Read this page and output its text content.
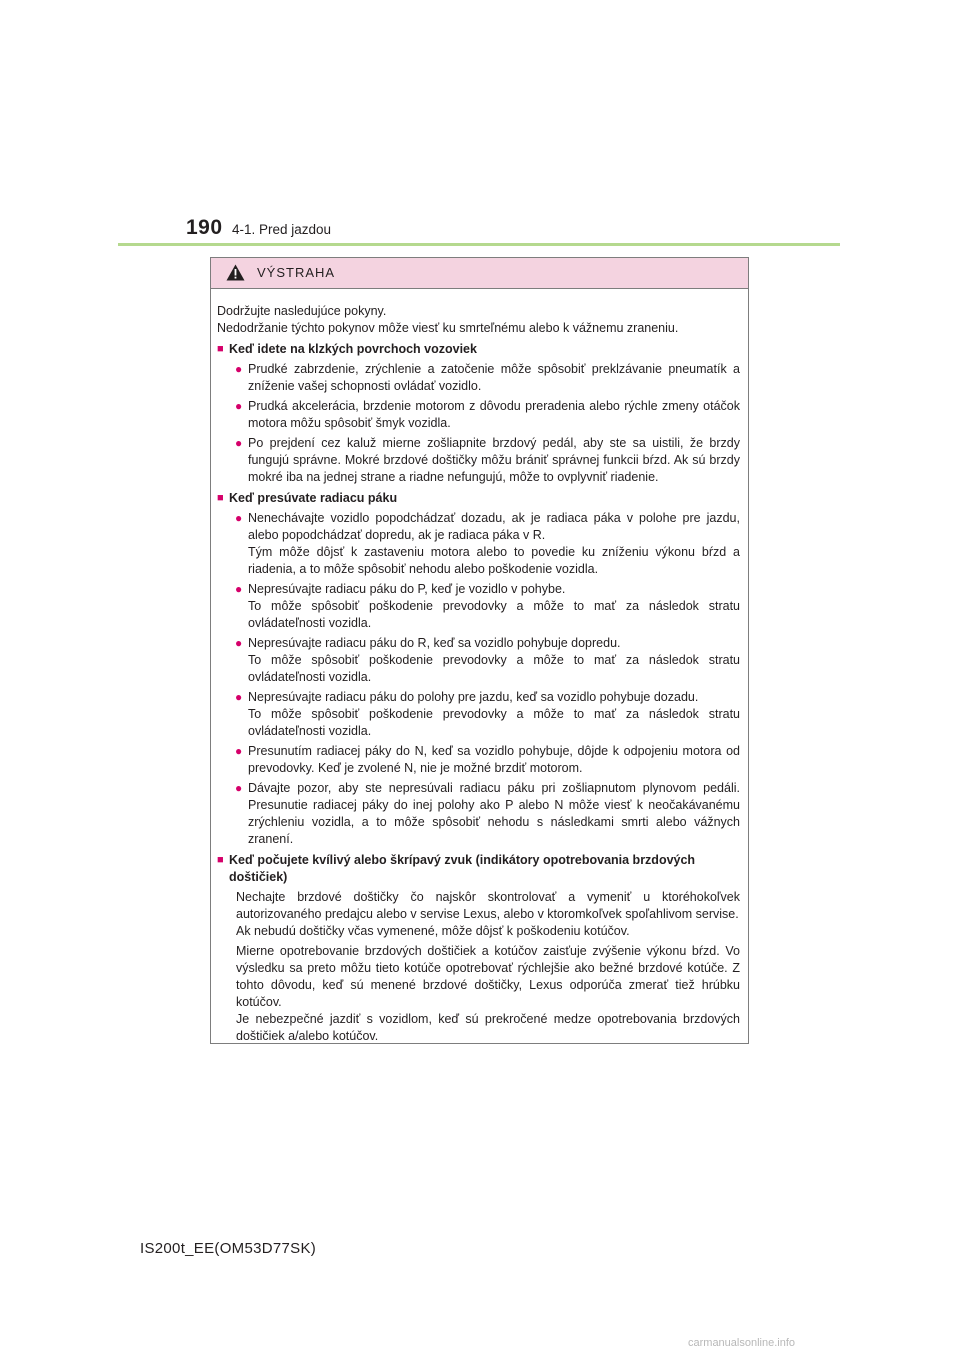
190 4-1. Pred jazdou
VÝSTRAHA

Dodržujte nasledujúce pokyny.
Nedodržanie týchto pokynov môže viesť ku smrteľnému alebo k vážnemu zraneniu.

■ Keď idete na klzkých povrchoch vozoviek
● Prudké zabrzdenie, zrýchlenie a zatočenie môže spôsobiť preklzávanie pneumatík a zníženie vašej schopnosti ovládať vozidlo.
● Prudká akcelerácia, brzdenie motorom z dôvodu preradenia alebo rýchle zmeny otáčok motora môžu spôsobiť šmyk vozidla.
● Po prejdení cez kaluž mierne zošliapnite brzdový pedál, aby ste sa uistili, že brzdy fungujú správne. Mokré brzdové doštičky môžu brániť správnej funkcii bŕzd. Ak sú brzdy mokré iba na jednej strane a riadne nefungujú, môže to ovplyvniť riadenie.
■ Keď presúvate radiacu páku
● Nenechávajte vozidlo popodchádzať dozadu, ak je radiaca páka v polohe pre jazdu, alebo popodchádzať dopredu, ak je radiaca páka v R.
Tým môže dôjsť k zastaveniu motora alebo to povedie ku zníženiu výkonu bŕzd a riadenia, a to môže spôsobiť nehodu alebo poškodenie vozidla.
● Nepresúvajte radiacu páku do P, keď je vozidlo v pohybe.
To môže spôsobiť poškodenie prevodovky a môže to mať za následok stratu ovládateľnosti vozidla.
● Nepresúvajte radiacu páku do R, keď sa vozidlo pohybuje dopredu.
To môže spôsobiť poškodenie prevodovky a môže to mať za následok stratu ovládateľnosti vozidla.
● Nepresúvajte radiacu páku do polohy pre jazdu, keď sa vozidlo pohybuje dozadu.
To môže spôsobiť poškodenie prevodovky a môže to mať za následok stratu ovládateľnosti vozidla.
● Presunutím radiacej páky do N, keď sa vozidlo pohybuje, dôjde k odpojeniu motora od prevodovky. Keď je zvolené N, nie je možné brzdiť motorom.
● Dávajte pozor, aby ste nepresúvali radiacu páku pri zošliapnutom plynovom pedáli. Presunutie radiacej páky do inej polohy ako P alebo N môže viesť k neočakávanému zrýchleniu vozidla, a to môže spôsobiť nehodu s následkami smrti alebo vážnych zranení.
■ Keď počujete kvílivý alebo škrípavý zvuk (indikátory opotrebovania brzdových doštičiek)

Nechajte brzdové doštičky čo najskôr skontrolovať a vymeniť u ktoréhokoľvek autorizovaného predajcu alebo v servise Lexus, alebo v ktoromkoľvek spoľahlivom servise.
Ak nebudú doštičky včas vymenené, môže dôjsť k poškodeniu kotúčov.

Mierne opotrebovanie brzdových doštičiek a kotúčov zaisťuje zvýšenie výkonu bŕzd. Vo výsledku sa preto môžu tieto kotúče opotrebovať rýchlejšie ako bežné brzdové kotúče. Z tohto dôvodu, keď sú menené brzdové doštičky, Lexus odporúča zmerať tiež hrúbku kotúčov.
Je nebezpečné jazdiť s vozidlom, keď sú prekročené medze opotrebovania brzdových doštičiek a/alebo kotúčov.

IS200t_EE(OM53D77SK)
carmanualsonline.info
